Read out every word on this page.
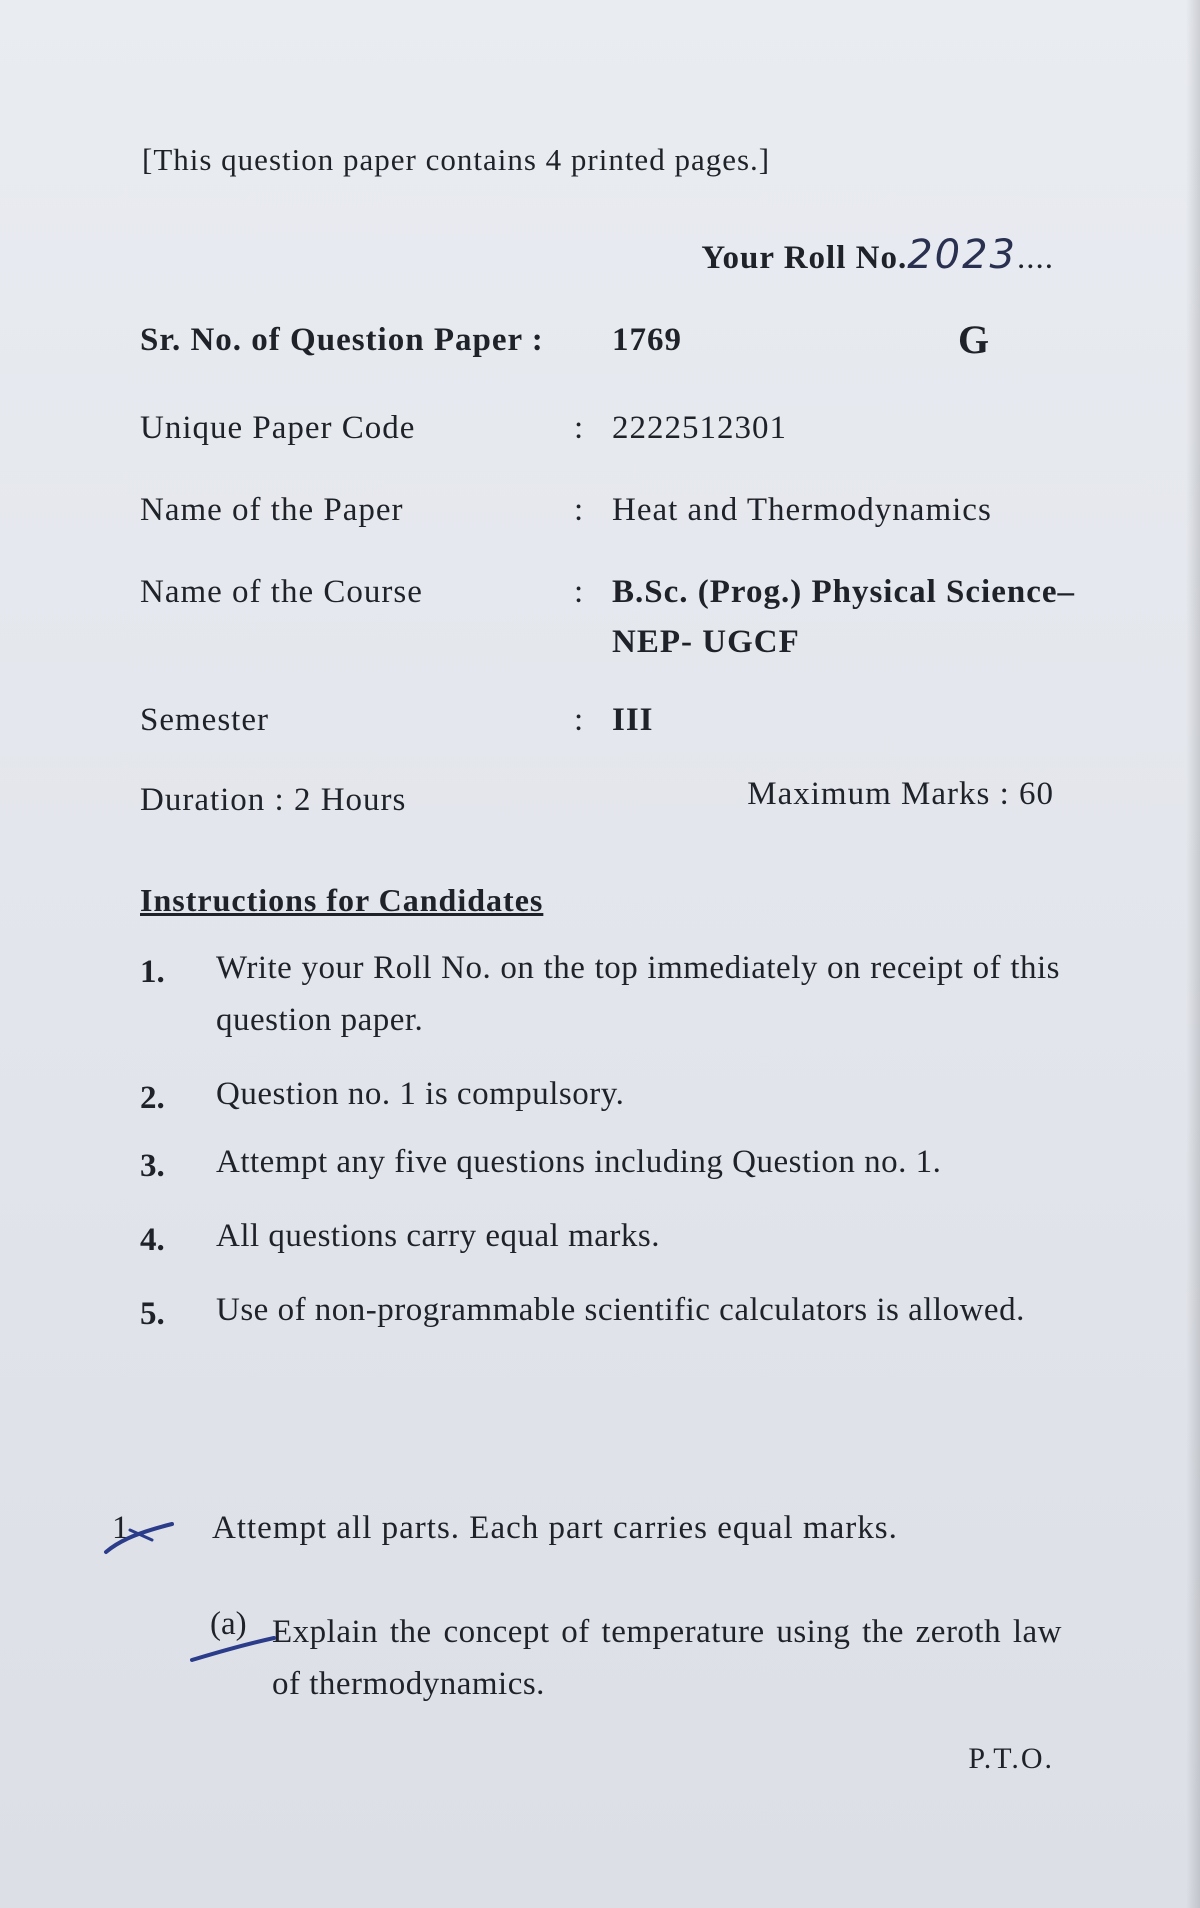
[This question paper contains 4 printed pages.]
Your Roll No.2023....
Sr. No. of Question Paper : 1769	G
Unique Paper Code	: 2222512301
Name of the Paper	: Heat and Thermodynamics
Name of the Course	: B.Sc. (Prog.) Physical Science–
NEP- UGCF
Semester	: III
Duration : 2 Hours	Maximum Marks : 60
Instructions for Candidates
1. Write your Roll No. on the top immediately on receipt of this question paper.
2. Question no. 1 is compulsory.
3. Attempt any five questions including Question no. 1.
4. All questions carry equal marks.
5. Use of non-programmable scientific calculators is allowed.
1. Attempt all parts. Each part carries equal marks.
(a) Explain the concept of temperature using the zeroth law of thermodynamics.
P.T.O.
